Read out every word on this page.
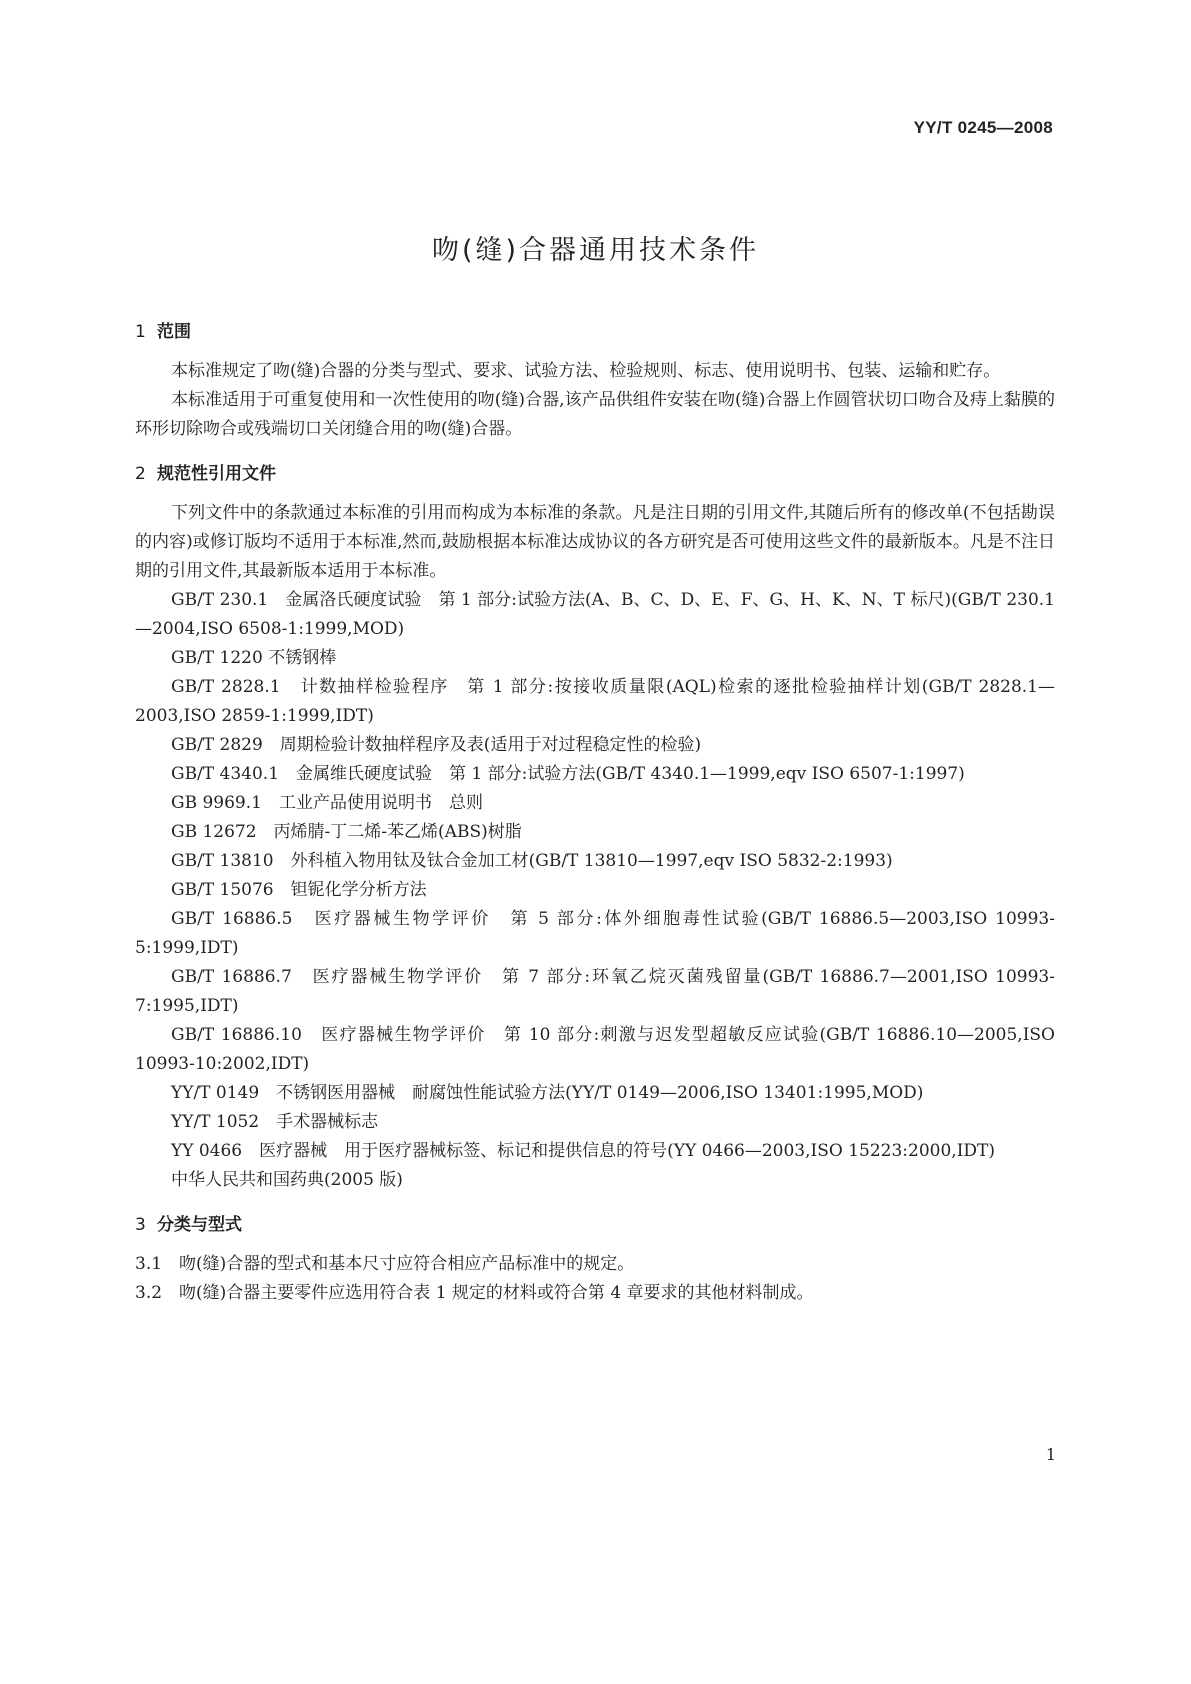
YY/T 0245—2008
吻(缝)合器通用技术条件
1 范围
本标准规定了吻(缝)合器的分类与型式、要求、试验方法、检验规则、标志、使用说明书、包装、运输和贮存。
本标准适用于可重复使用和一次性使用的吻(缝)合器,该产品供组件安装在吻(缝)合器上作圆管状切口吻合及痔上黏膜的环形切除吻合或残端切口关闭缝合用的吻(缝)合器。
2 规范性引用文件
下列文件中的条款通过本标准的引用而构成为本标准的条款。凡是注日期的引用文件,其随后所有的修改单(不包括勘误的内容)或修订版均不适用于本标准,然而,鼓励根据本标准达成协议的各方研究是否可使用这些文件的最新版本。凡是不注日期的引用文件,其最新版本适用于本标准。
GB/T 230.1　金属洛氏硬度试验　第 1 部分:试验方法(A、B、C、D、E、F、G、H、K、N、T 标尺)(GB/T 230.1—2004,ISO 6508-1:1999,MOD)
GB/T 1220 不锈钢棒
GB/T 2828.1　计数抽样检验程序　第 1 部分:按接收质量限(AQL)检索的逐批检验抽样计划(GB/T 2828.1—2003,ISO 2859-1:1999,IDT)
GB/T 2829　周期检验计数抽样程序及表(适用于对过程稳定性的检验)
GB/T 4340.1　金属维氏硬度试验　第 1 部分:试验方法(GB/T 4340.1—1999,eqv ISO 6507-1:1997)
GB 9969.1　工业产品使用说明书　总则
GB 12672　丙烯腈-丁二烯-苯乙烯(ABS)树脂
GB/T 13810　外科植入物用钛及钛合金加工材(GB/T 13810—1997,eqv ISO 5832-2:1993)
GB/T 15076　钽铌化学分析方法
GB/T 16886.5　医疗器械生物学评价　第 5 部分:体外细胞毒性试验(GB/T 16886.5—2003,ISO 10993-5:1999,IDT)
GB/T 16886.7　医疗器械生物学评价　第 7 部分:环氧乙烷灭菌残留量(GB/T 16886.7—2001,ISO 10993-7:1995,IDT)
GB/T 16886.10　医疗器械生物学评价　第 10 部分:刺激与迟发型超敏反应试验(GB/T 16886.10—2005,ISO 10993-10:2002,IDT)
YY/T 0149　不锈钢医用器械　耐腐蚀性能试验方法(YY/T 0149—2006,ISO 13401:1995,MOD)
YY/T 1052　手术器械标志
YY 0466　医疗器械　用于医疗器械标签、标记和提供信息的符号(YY 0466—2003,ISO 15223:2000,IDT)
中华人民共和国药典(2005 版)
3 分类与型式
3.1　吻(缝)合器的型式和基本尺寸应符合相应产品标准中的规定。
3.2　吻(缝)合器主要零件应选用符合表 1 规定的材料或符合第 4 章要求的其他材料制成。
1
